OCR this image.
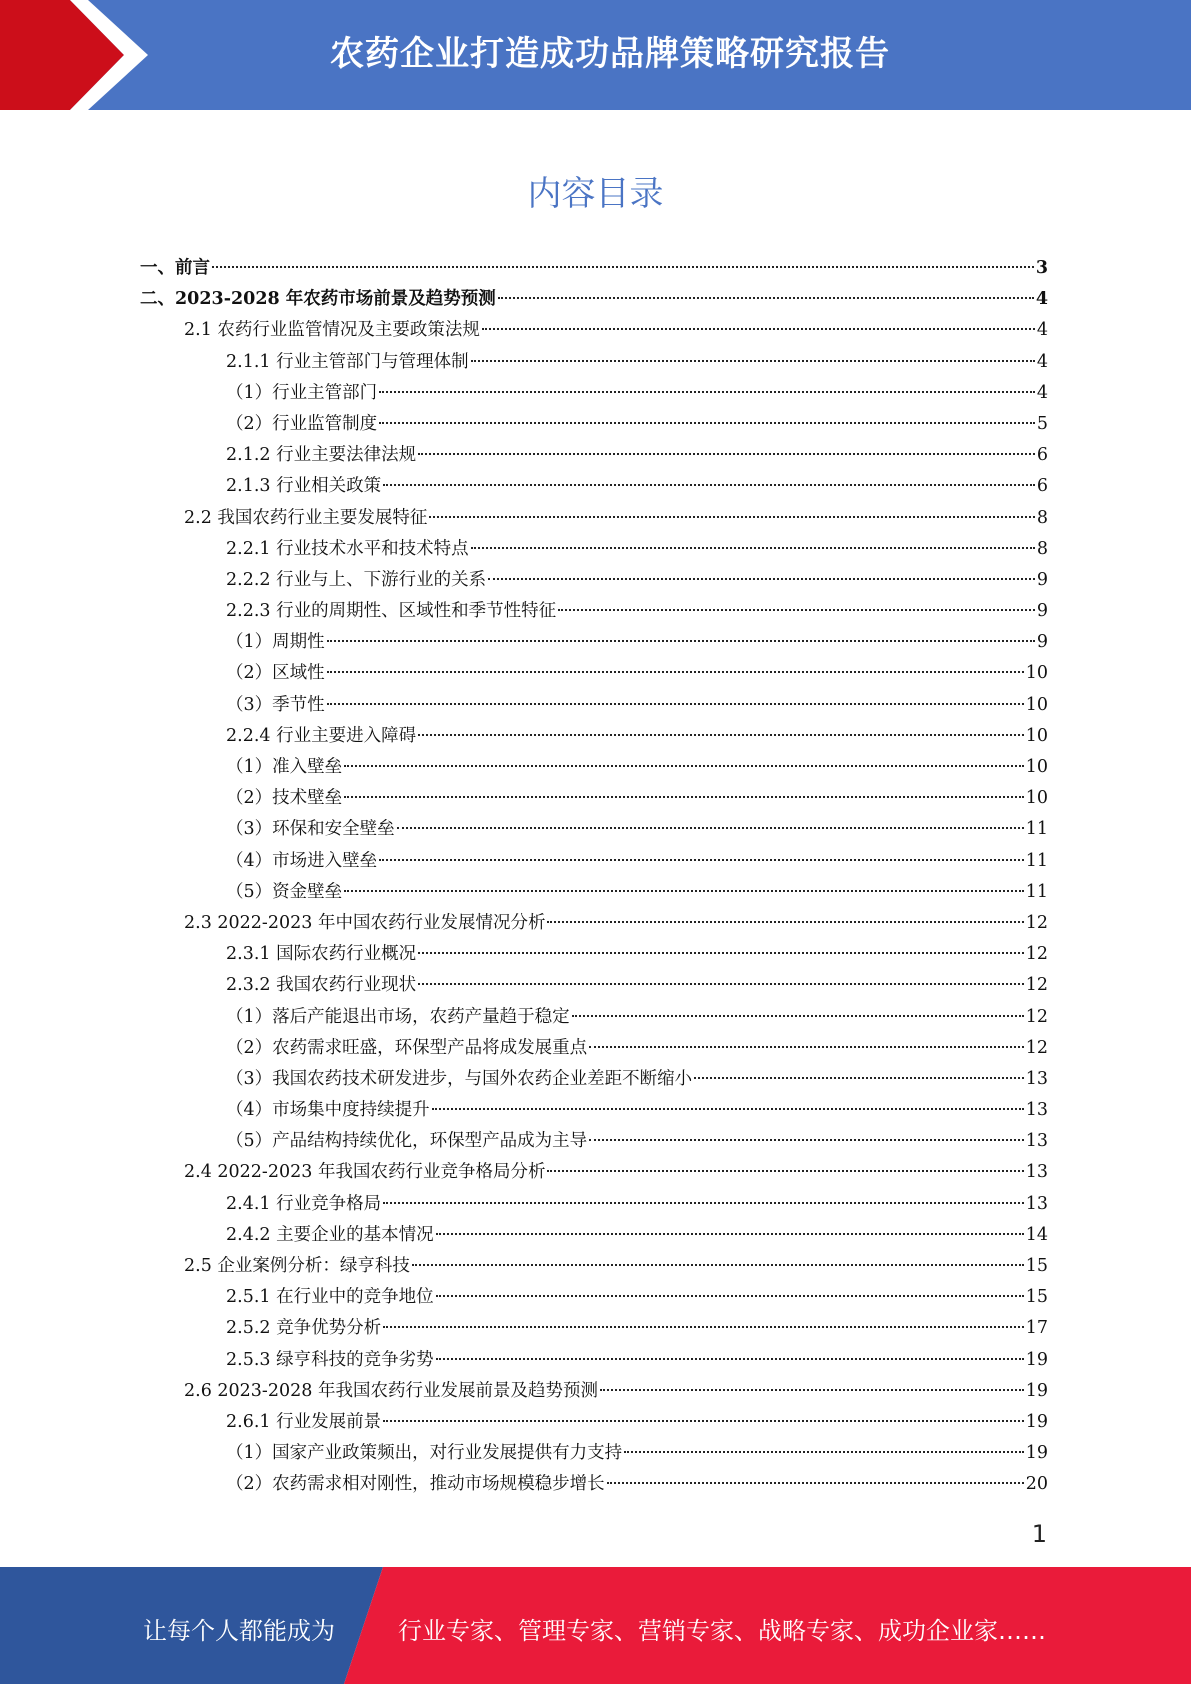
农药企业打造成功品牌策略研究报告
内容目录
一、前言	3
二、2023-2028 年农药市场前景及趋势预测	4
2.1 农药行业监管情况及主要政策法规	4
2.1.1 行业主管部门与管理体制	4
（1）行业主管部门	4
（2）行业监管制度	5
2.1.2 行业主要法律法规	6
2.1.3 行业相关政策	6
2.2 我国农药行业主要发展特征	8
2.2.1 行业技术水平和技术特点	8
2.2.2 行业与上、下游行业的关系	9
2.2.3 行业的周期性、区域性和季节性特征	9
（1）周期性	9
（2）区域性	10
（3）季节性	10
2.2.4 行业主要进入障碍	10
（1）准入壁垒	10
（2）技术壁垒	10
（3）环保和安全壁垒	11
（4）市场进入壁垒	11
（5）资金壁垒	11
2.3 2022-2023 年中国农药行业发展情况分析	12
2.3.1 国际农药行业概况	12
2.3.2 我国农药行业现状	12
（1）落后产能退出市场，农药产量趋于稳定	12
（2）农药需求旺盛，环保型产品将成发展重点	12
（3）我国农药技术研发进步，与国外农药企业差距不断缩小	13
（4）市场集中度持续提升	13
（5）产品结构持续优化，环保型产品成为主导	13
2.4 2022-2023 年我国农药行业竞争格局分析	13
2.4.1 行业竞争格局	13
2.4.2 主要企业的基本情况	14
2.5 企业案例分析：绿亨科技	15
2.5.1 在行业中的竞争地位	15
2.5.2 竞争优势分析	17
2.5.3 绿亨科技的竞争劣势	19
2.6 2023-2028 年我国农药行业发展前景及趋势预测	19
2.6.1 行业发展前景	19
（1）国家产业政策频出，对行业发展提供有力支持	19
（2）农药需求相对刚性，推动市场规模稳步增长	20
1
让每个人都能成为	行业专家、管理专家、营销专家、战略专家、成功企业家……
